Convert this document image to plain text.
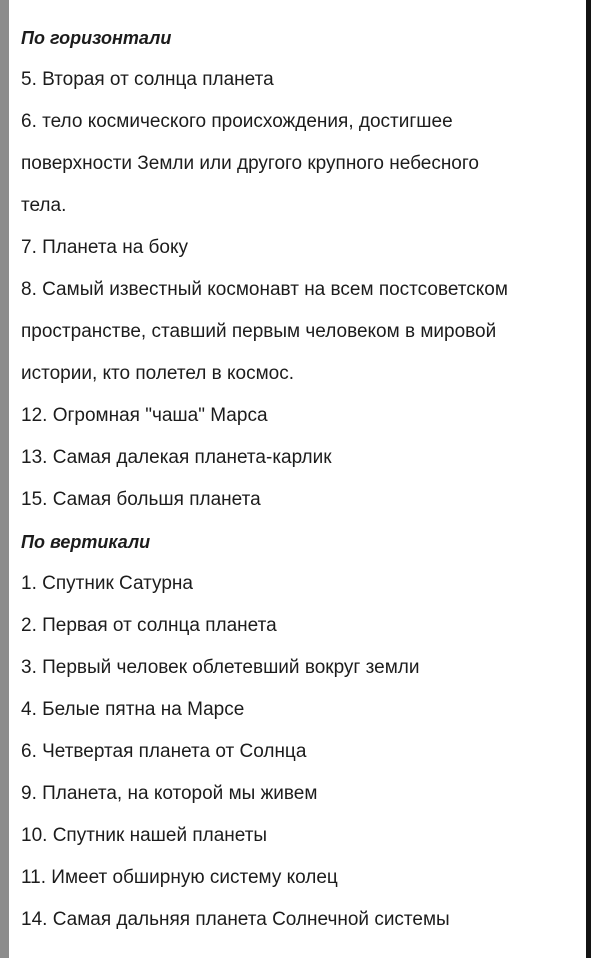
По горизонтали
5. Вторая от солнца планета
6. тело космического происхождения, достигшее
поверхности Земли или другого крупного небесного
тела.
7. Планета на боку
8. Самый известный космонавт на всем постсоветском
пространстве, ставший первым человеком в мировой
истории, кто полетел в космос.
12. Огромная "чаша" Марса
13. Самая далекая планета-карлик
15. Самая большя планета
По вертикали
1. Спутник Сатурна
2. Первая от солнца планета
3. Первый человек облетевший вокруг земли
4. Белые пятна на Марсе
6. Четвертая планета от Солнца
9. Планета, на которой мы живем
10. Спутник нашей планеты
11. Имеет обширную систему колец
14. Самая дальняя планета Солнечной системы
